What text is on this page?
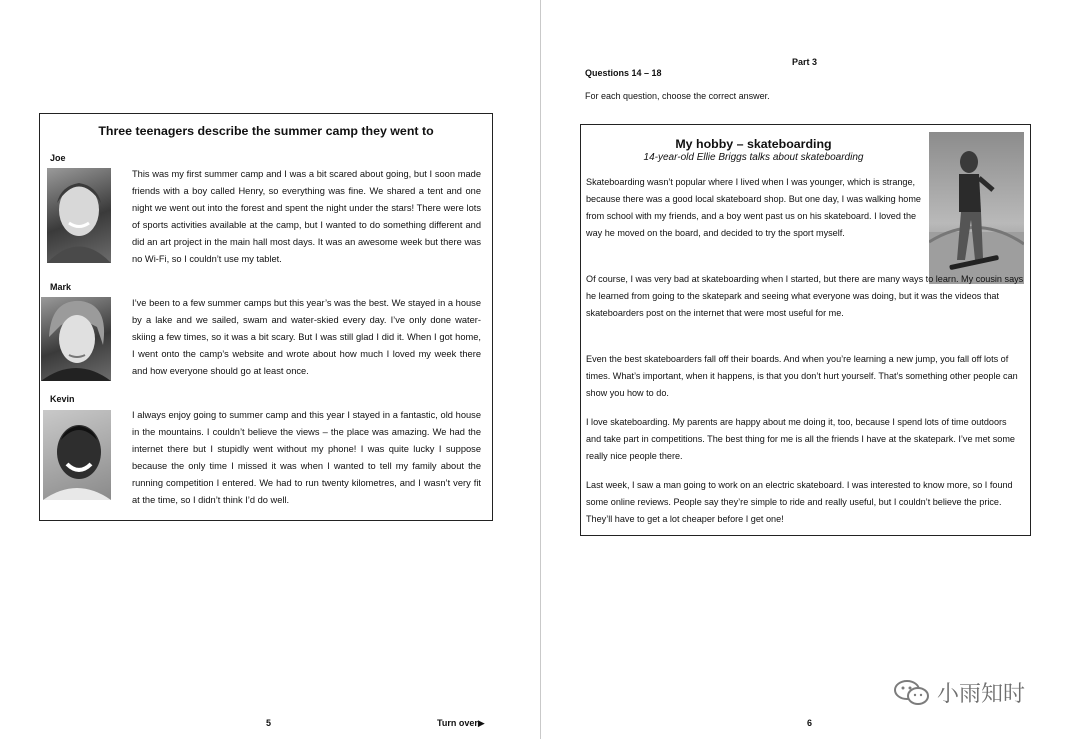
Three teenagers describe the summer camp they went to
Joe

This was my first summer camp and I was a bit scared about going, but I soon made friends with a boy called Henry, so everything was fine. We shared a tent and one night we went out into the forest and spent the night under the stars! There were lots of sports activities available at the camp, but I wanted to do something different and did an art project in the main hall most days. It was an awesome week but there was no Wi-Fi, so I couldn’t use my tablet.

Mark

I’ve been to a few summer camps but this year’s was the best. We stayed in a house by a lake and we sailed, swam and water-skied every day. I’ve only done water-skiing a few times, so it was a bit scary. But I was still glad I did it. When I got home, I went onto the camp’s website and wrote about how much I loved my week there and how everyone should go at least once.

Kevin

I always enjoy going to summer camp and this year I stayed in a fantastic, old house in the mountains. I couldn’t believe the views – the place was amazing. We had the internet there but I stupidly went without my phone! I was quite lucky I suppose because the only time I missed it was when I wanted to tell my family about the running competition I entered. We had to run twenty kilometres, and I wasn’t very fit at the time, so I didn’t think I’d do well.

5	Turn over▶
Part 3
Questions 14 – 18
For each question, choose the correct answer.
My hobby – skateboarding
14-year-old Ellie Briggs talks about skateboarding

Skateboarding wasn’t popular where I lived when I was younger, which is strange, because there was a good local skateboard shop. But one day, I was walking home from school with my friends, and a boy went past us on his skateboard. I loved the way he moved on the board, and decided to try the sport myself.

Of course, I was very bad at skateboarding when I started, but there are many ways to learn. My cousin says he learned from going to the skatepark and seeing what everyone was doing, but it was the videos that skateboarders post on the internet that were most useful for me.

Even the best skateboarders fall off their boards. And when you’re learning a new jump, you fall off lots of times. What’s important, when it happens, is that you don’t hurt yourself. That’s something other people can show you how to do.

I love skateboarding. My parents are happy about me doing it, too, because I spend lots of time outdoors and take part in competitions. The best thing for me is all the friends I have at the skatepark. I’ve met some really nice people there.

Last week, I saw a man going to work on an electric skateboard. I was interested to know more, so I found some online reviews. People say they’re simple to ride and really useful, but I couldn’t believe the price. They’ll have to get a lot cheaper before I get one!

6
小雨知时
